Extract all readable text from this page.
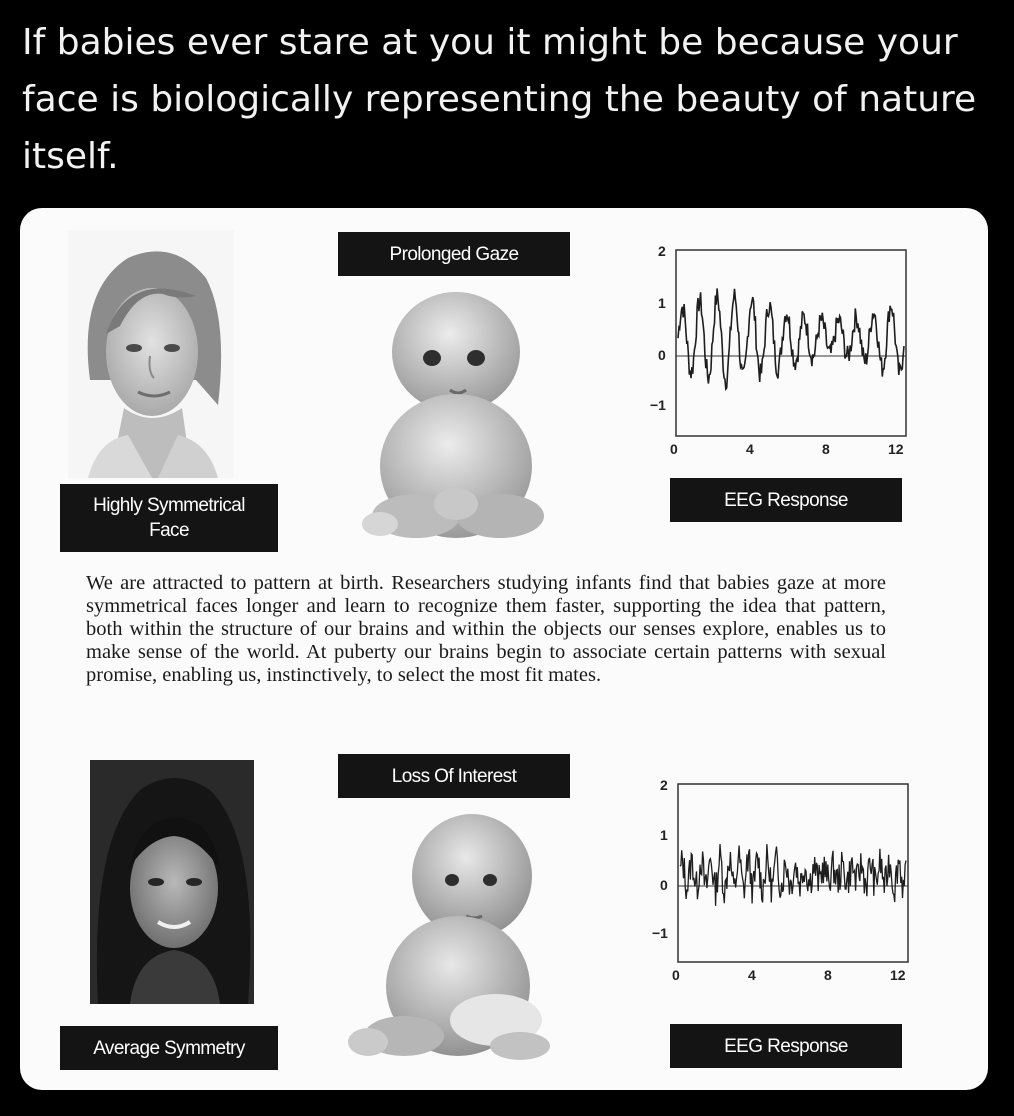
If babies ever stare at you it might be because your face is biologically representing the beauty of nature itself.
Highly Symmetrical
Face
Prolonged Gaze	2
1
0
−1
0	4	8	12
EEG Response
We are attracted to pattern at birth. Researchers studying infants find that babies gaze at more symmetrical faces longer and learn to recognize them faster, supporting the idea that pattern, both within the structure of our brains and within the objects our senses explore, enables us to make sense of the world. At puberty our brains begin to associate certain patterns with sexual promise, enabling us, instinctively, to select the most fit mates.
Average Symmetry
Loss Of Interest	2
1
0
−1
0	4	8	12
EEG Response
